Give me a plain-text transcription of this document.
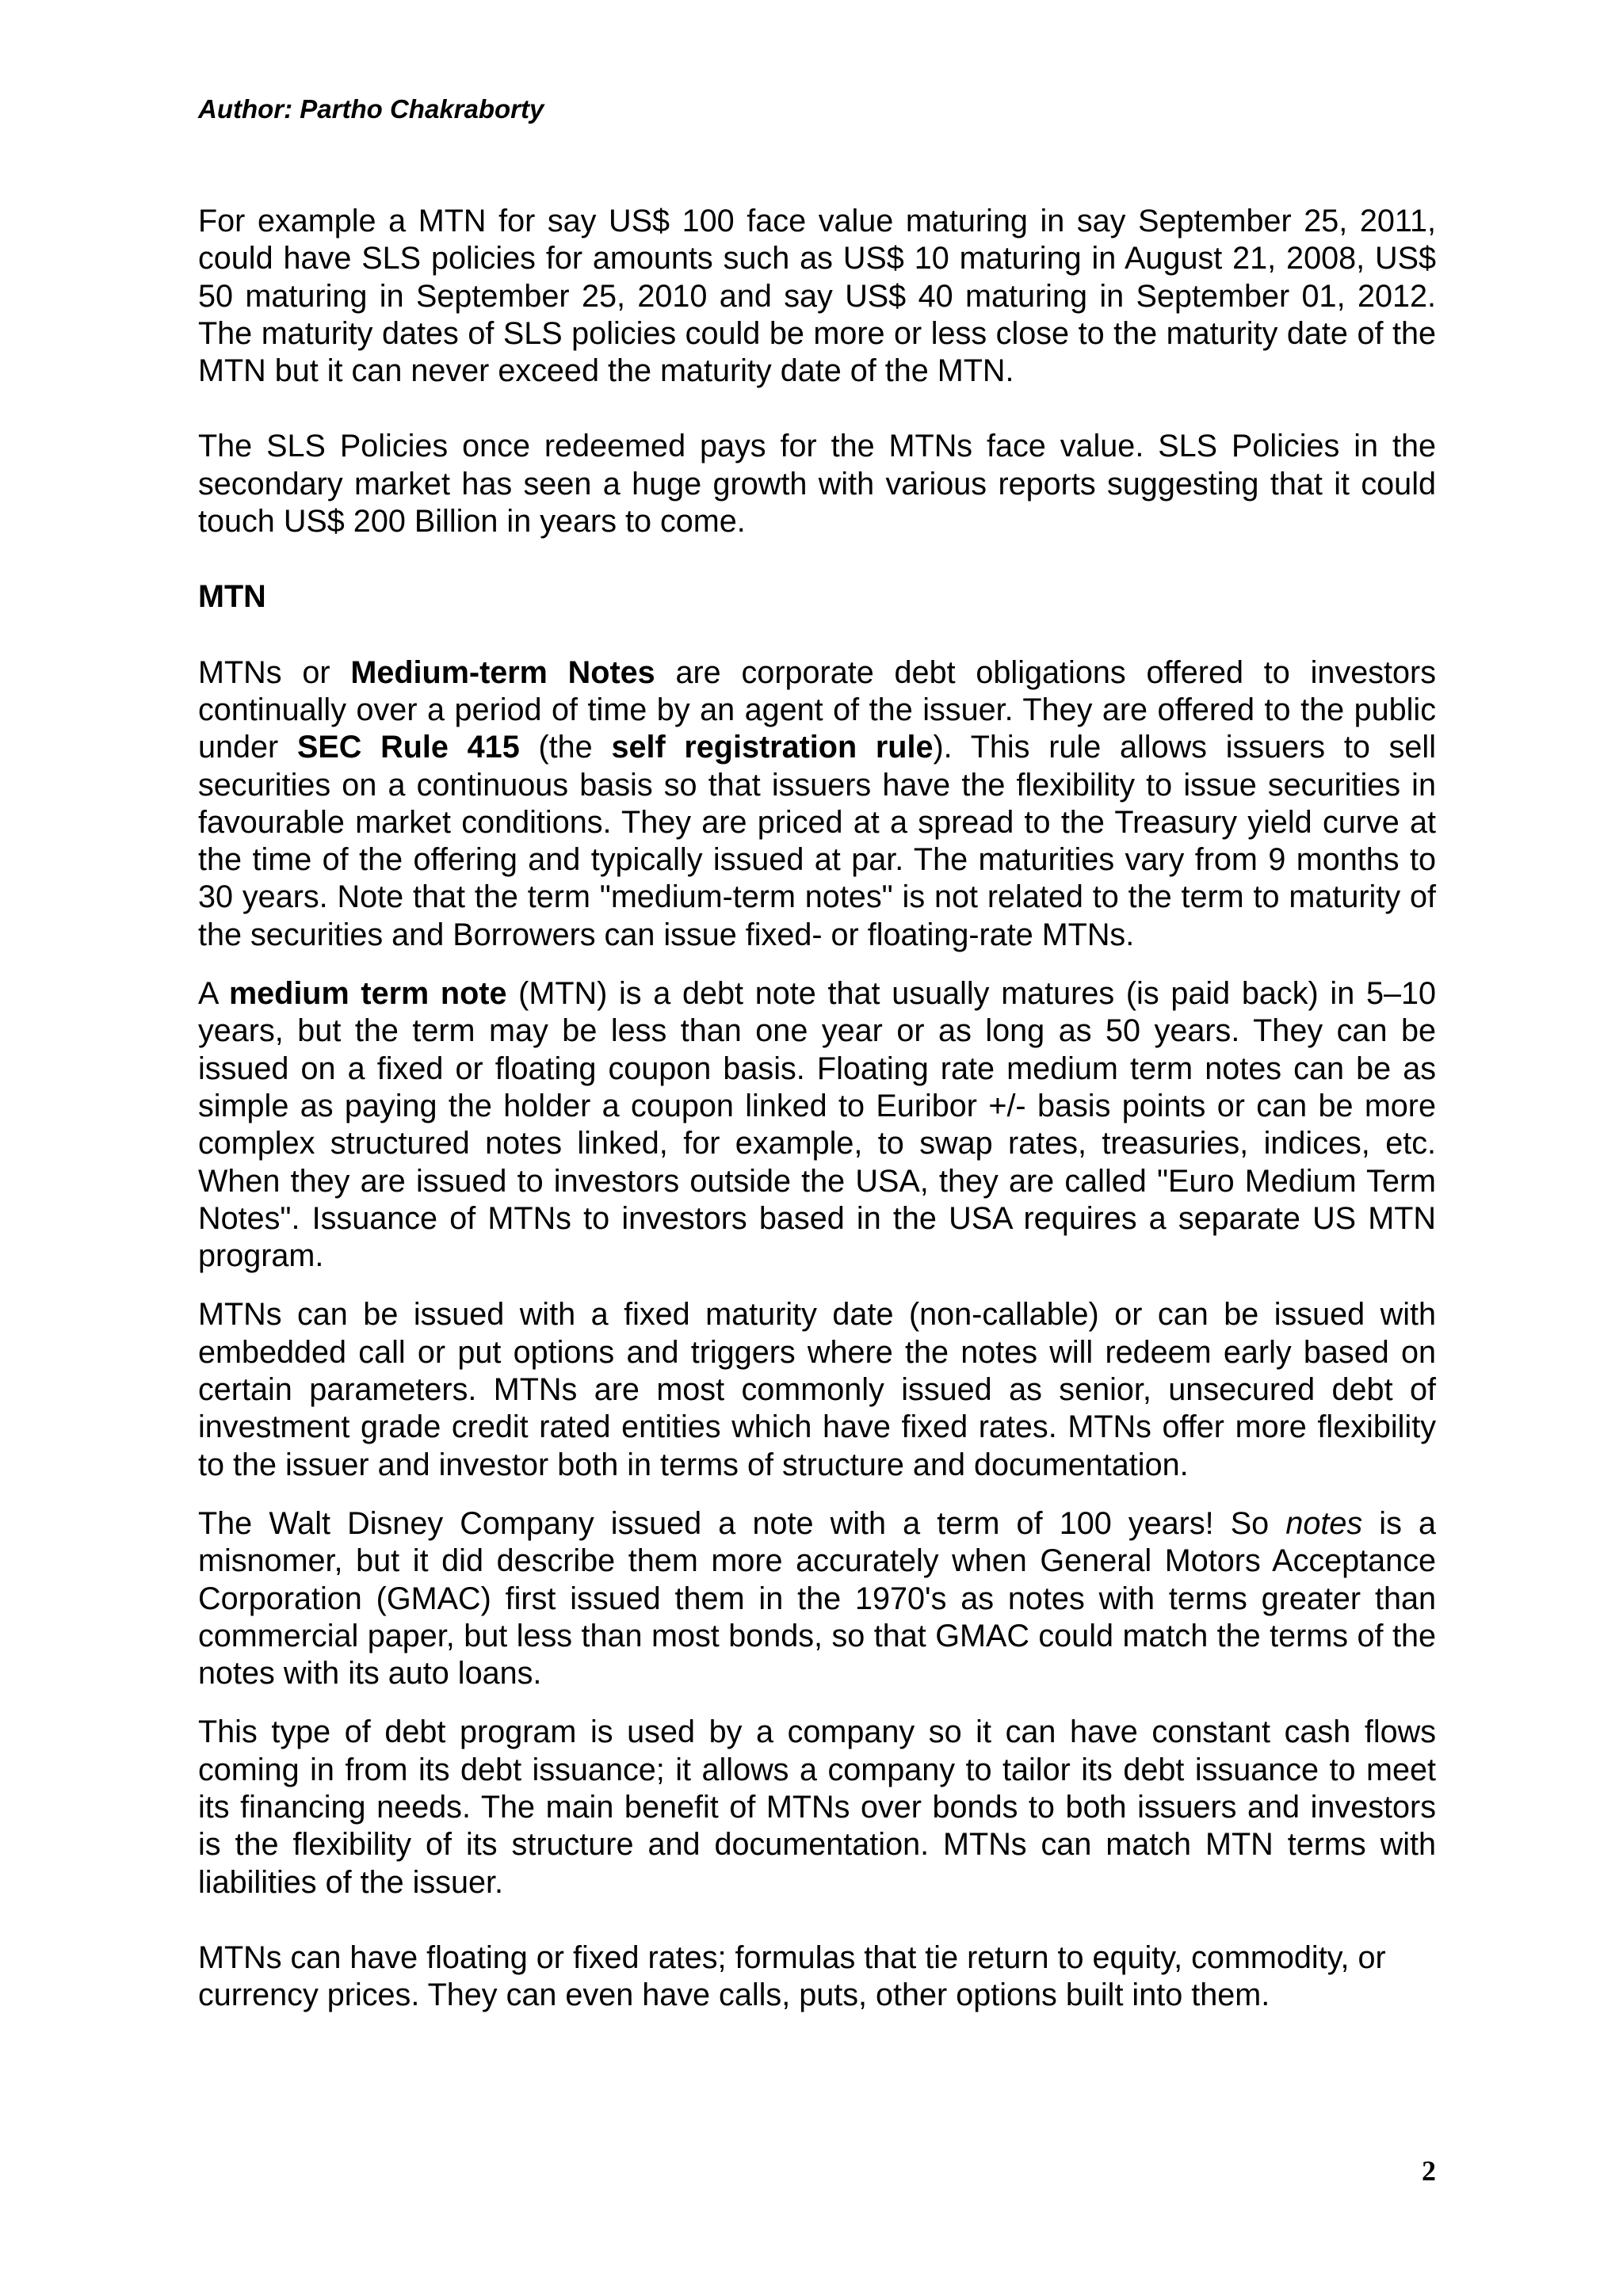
Author: Partho Chakraborty

For example a MTN for say US$ 100 face value maturing in say September 25, 2011, could have SLS policies for amounts such as US$ 10 maturing in August 21, 2008, US$ 50 maturing in September 25, 2010 and say US$ 40 maturing in September 01, 2012. The maturity dates of SLS policies could be more or less close to the maturity date of the MTN but it can never exceed the maturity date of the MTN.

The SLS Policies once redeemed pays for the MTNs face value. SLS Policies in the secondary market has seen a huge growth with various reports suggesting that it could touch US$ 200 Billion in years to come.

MTN

MTNs or Medium-term Notes are corporate debt obligations offered to investors continually over a period of time by an agent of the issuer. They are offered to the public under SEC Rule 415 (the self registration rule). This rule allows issuers to sell securities on a continuous basis so that issuers have the flexibility to issue securities in favourable market conditions. They are priced at a spread to the Treasury yield curve at the time of the offering and typically issued at par. The maturities vary from 9 months to 30 years. Note that the term "medium-term notes" is not related to the term to maturity of the securities and Borrowers can issue fixed- or floating-rate MTNs.

A medium term note (MTN) is a debt note that usually matures (is paid back) in 5–10 years, but the term may be less than one year or as long as 50 years. They can be issued on a fixed or floating coupon basis. Floating rate medium term notes can be as simple as paying the holder a coupon linked to Euribor +/- basis points or can be more complex structured notes linked, for example, to swap rates, treasuries, indices, etc. When they are issued to investors outside the USA, they are called "Euro Medium Term Notes". Issuance of MTNs to investors based in the USA requires a separate US MTN program.

MTNs can be issued with a fixed maturity date (non-callable) or can be issued with embedded call or put options and triggers where the notes will redeem early based on certain parameters. MTNs are most commonly issued as senior, unsecured debt of investment grade credit rated entities which have fixed rates. MTNs offer more flexibility to the issuer and investor both in terms of structure and documentation.

The Walt Disney Company issued a note with a term of 100 years! So notes is a misnomer, but it did describe them more accurately when General Motors Acceptance Corporation (GMAC) first issued them in the 1970's as notes with terms greater than commercial paper, but less than most bonds, so that GMAC could match the terms of the notes with its auto loans.

This type of debt program is used by a company so it can have constant cash flows coming in from its debt issuance; it allows a company to tailor its debt issuance to meet its financing needs. The main benefit of MTNs over bonds to both issuers and investors is the flexibility of its structure and documentation. MTNs can match MTN terms with liabilities of the issuer.

MTNs can have floating or fixed rates; formulas that tie return to equity, commodity, or currency prices. They can even have calls, puts, other options built into them.

2
